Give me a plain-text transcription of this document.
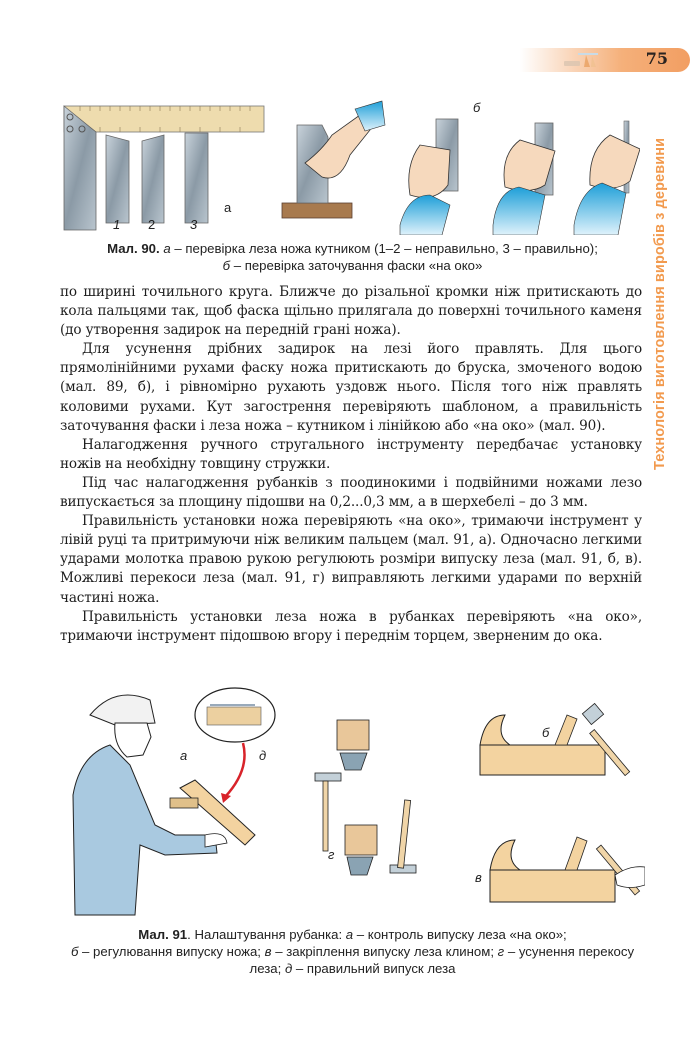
75
Технологія виготовлення виробів з деревини
1 2	3
а
б
Мал. 90. а – перевірка леза ножа кутником (1–2 – неправильно, 3 – правильно);
б – перевірка заточування фаски «на око»

по ширині точильного круга. Ближче до різальної кромки ніж притискають до кола пальцями так, щоб фаска щільно прилягала до поверхні точильного каменя (до утворення задирок на передній грані ножа).

Для усунення дрібних задирок на лезі його правлять. Для цього прямолінійними рухами фаску ножа притискають до бруска, змоченого водою (мал. 89, б), і рівномірно рухають уздовж нього. Після того ніж правлять коловими рухами. Кут загострення перевіряють шаблоном, а правильність заточування фаски і леза ножа – кутником і лінійкою або «на око» (мал. 90).

Налагодження ручного стругального інструменту передбачає установку ножів на необхідну товщину стружки.

Під час налагодження рубанків з поодинокими і подвійними ножами лезо випускається за площину підошви на 0,2...0,3 мм, а в шерхебелі – до 3 мм.

Правильність установки ножа перевіряють «на око», тримаючи інструмент у лівій руці та притримуючи ніж великим пальцем (мал. 91, а). Одночасно легкими ударами молотка правою рукою регулюють розміри випуску леза (мал. 91, б, в). Можливі перекоси леза (мал. 91, г) виправляють легкими ударами по верхній частині ножа.

Правильність установки леза ножа в рубанках перевіряють «на око», тримаючи інструмент підошвою вгору і переднім торцем, зверненим до ока.

а	д
б
г
в
Мал. 91. Налаштування рубанка: а – контроль випуску леза «на око»;
б – регулювання випуску ножа; в – закріплення випуску леза клином; г – усунення перекосу леза; д – правильний випуск леза
